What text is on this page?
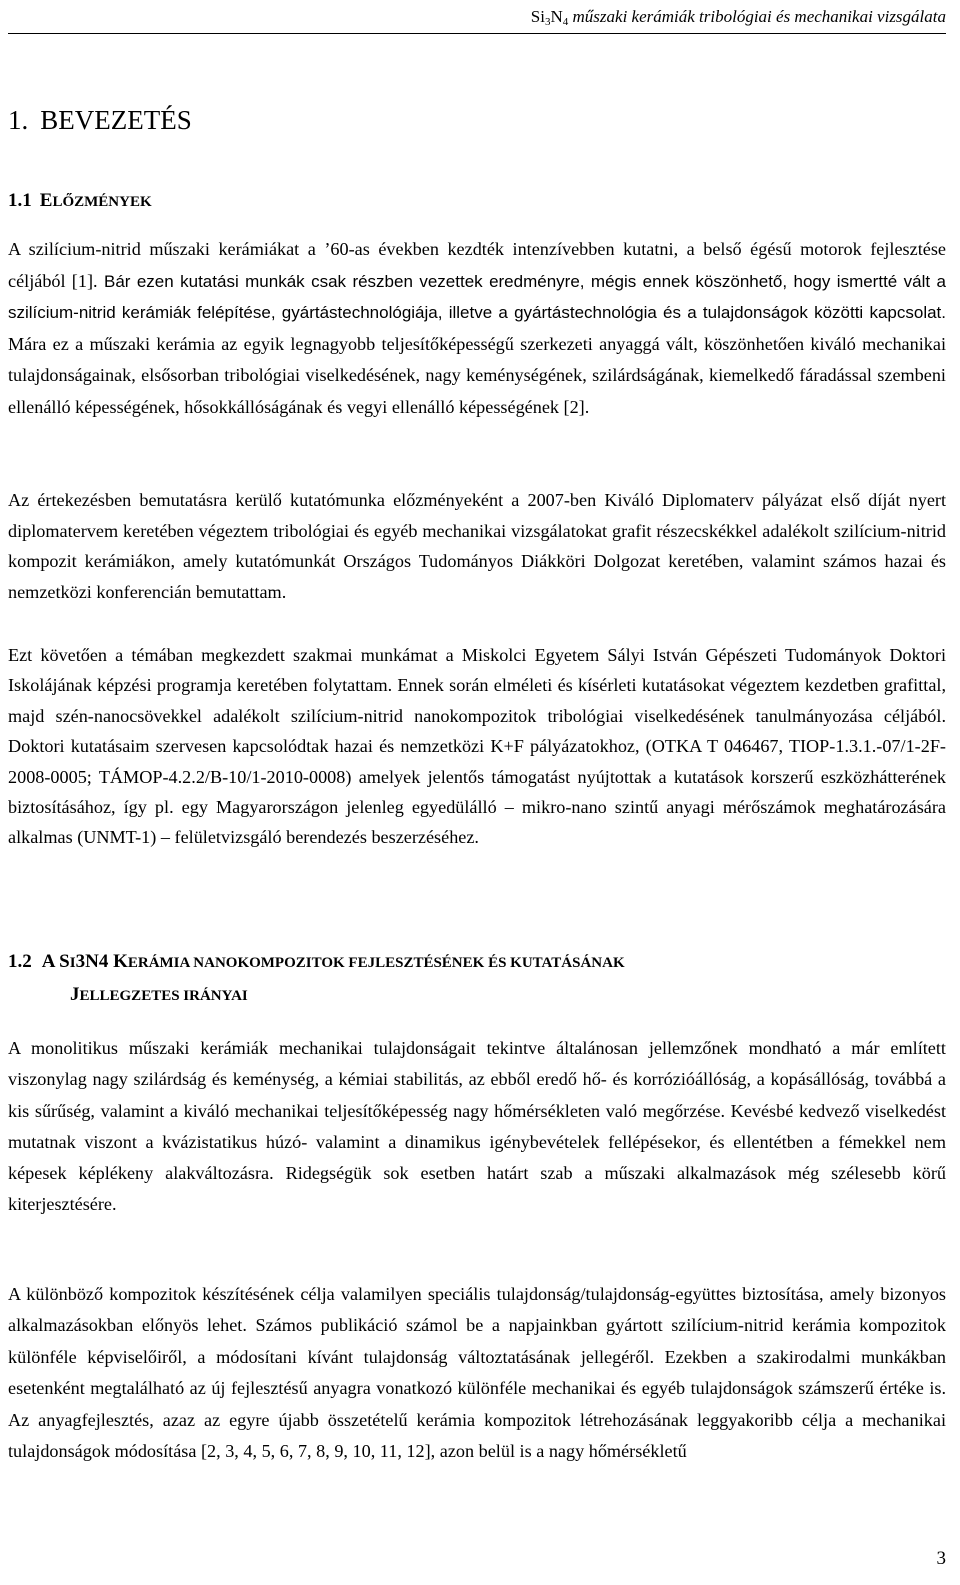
$Si_3N_4$ műszaki kerámiák tribológiai és mechanikai vizsgálata
1. BEVEZETÉS
1.1 ELŐZMÉNYEK

A szilícium-nitrid műszaki kerámiákat a ’60-as években kezdték intenzívebben kutatni, a belső égésű motorok fejlesztése céljából [1]. Bár ezen kutatási munkák csak részben vezettek eredményre, mégis ennek köszönhető, hogy ismertté vált a szilícium-nitrid kerámiák felépítése, gyártástechnológiája, illetve a gyártástechnológia és a tulajdonságok közötti kapcsolat. Mára ez a műszaki kerámia az egyik legnagyobb teljesítőképességű szerkezeti anyaggá vált, köszönhetően kiváló mechanikai tulajdonságainak, elsősorban tribológiai viselkedésének, nagy keménységének, szilárdságának, kiemelkedő fáradással szembeni ellenálló képességének, hősokkállóságának és vegyi ellenálló képességének [2].

Az értekezésben bemutatásra kerülő kutatómunka előzményeként a 2007-ben Kiváló Diplomaterv pályázat első díját nyert diplomatervem keretében végeztem tribológiai és egyéb mechanikai vizsgálatokat grafit részecskékkel adalékolt szilícium-nitrid kompozit kerámiákon, amely kutatómunkát Országos Tudományos Diákköri Dolgozat keretében, valamint számos hazai és nemzetközi konferencián bemutattam.

Ezt követően a témában megkezdett szakmai munkámat a Miskolci Egyetem Sályi István Gépészeti Tudományok Doktori Iskolájának képzési programja keretében folytattam. Ennek során elméleti és kísérleti kutatásokat végeztem kezdetben grafittal, majd szén-nanocsövekkel adalékolt szilícium-nitrid nanokompozitok tribológiai viselkedésének tanulmányozása céljából. Doktori kutatásaim szervesen kapcsolódtak hazai és nemzetközi K+F pályázatokhoz, (OTKA T 046467, TIOP-1.3.1.-07/1-2F-2008-0005; TÁMOP-4.2.2/B-10/1-2010-0008) amelyek jelentős támogatást nyújtottak a kutatások korszerű eszközhátterének biztosításához, így pl. egy Magyarországon jelenleg egyedülálló – mikro-nano szintű anyagi mérőszámok meghatározására alkalmas (UNMT-1) – felületvizsgáló berendezés beszerzéséhez.

1.2 A SI3N4 KERÁMIA NANOKOMPOZITOK FEJLESZTÉSÉNEK ÉS KUTATÁSÁNAK
JELLEGZETES IRÁNYAI

A monolitikus műszaki kerámiák mechanikai tulajdonságait tekintve általánosan jellemzőnek mondható a már említett viszonylag nagy szilárdság és keménység, a kémiai stabilitás, az ebből eredő hő- és korrózióállóság, a kopásállóság, továbbá a kis sűrűség, valamint a kiváló mechanikai teljesítőképesség nagy hőmérsékleten való megőrzése. Kevésbé kedvező viselkedést mutatnak viszont a kvázistatikus húzó- valamint a dinamikus igénybevételek fellépésekor, és ellentétben a fémekkel nem képesek képlékeny alakváltozásra. Ridegségük sok esetben határt szab a műszaki alkalmazások még szélesebb körű kiterjesztésére.

A különböző kompozitok készítésének célja valamilyen speciális tulajdonság/tulajdonság-együttes biztosítása, amely bizonyos alkalmazásokban előnyös lehet. Számos publikáció számol be a napjainkban gyártott szilícium-nitrid kerámia kompozitok különféle képviselőiről, a módosítani kívánt tulajdonság változtatásának jellegéről. Ezekben a szakirodalmi munkákban esetenként megtalálható az új fejlesztésű anyagra vonatkozó különféle mechanikai és egyéb tulajdonságok számszerű értéke is. Az anyagfejlesztés, azaz az egyre újabb összetételű kerámia kompozitok létrehozásának leggyakoribb célja a mechanikai tulajdonságok módosítása [2, 3, 4, 5, 6, 7, 8, 9, 10, 11, 12], azon belül is a nagy hőmérsékletű

3
